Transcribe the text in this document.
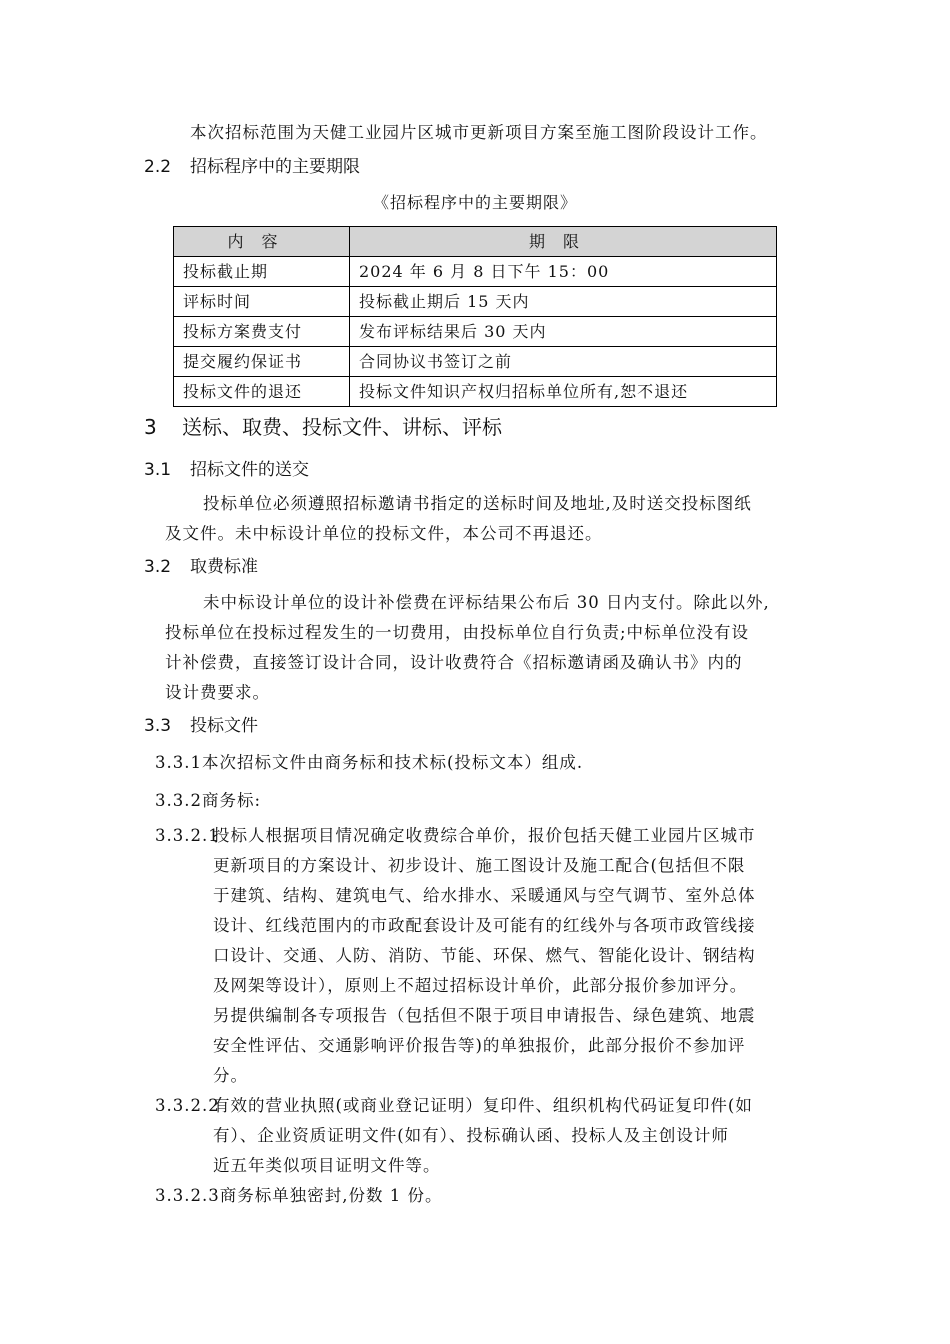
本次招标范围为天健工业园片区城市更新项目方案至施工图阶段设计工作。
2.2 招标程序中的主要期限
《招标程序中的主要期限》
内容	期限
投标截止期	2024 年 6 月 8 日下午 15：00
评标时间	投标截止期后 15 天内
投标方案费支付	发布评标结果后 30 天内
提交履约保证书	合同协议书签订之前
投标文件的退还	投标文件知识产权归招标单位所有,恕不退还
3 送标、取费、投标文件、讲标、评标
3.1 招标文件的送交
投标单位必须遵照招标邀请书指定的送标时间及地址,及时送交投标图纸
及文件。未中标设计单位的投标文件，本公司不再退还。
3.2 取费标准
未中标设计单位的设计补偿费在评标结果公布后 30 日内支付。除此以外,
投标单位在投标过程发生的一切费用，由投标单位自行负责;中标单位没有设
计补偿费，直接签订设计合同，设计收费符合《招标邀请函及确认书》内的
设计费要求。
3.3 投标文件
3.3.1本次招标文件由商务标和技术标(投标文本）组成.
3.3.2商务标:
3.3.2.1
投标人根据项目情况确定收费综合单价，报价包括天健工业园片区城市
更新项目的方案设计、初步设计、施工图设计及施工配合(包括但不限
于建筑、结构、建筑电气、给水排水、采暖通风与空气调节、室外总体
设计、红线范围内的市政配套设计及可能有的红线外与各项市政管线接
口设计、交通、人防、消防、节能、环保、燃气、智能化设计、钢结构
及网架等设计），原则上不超过招标设计单价，此部分报价参加评分。
另提供编制各专项报告（包括但不限于项目申请报告、绿色建筑、地震
安全性评估、交通影响评价报告等)的单独报价，此部分报价不参加评
分。
3.3.2.2
有效的营业执照(或商业登记证明）复印件、组织机构代码证复印件(如
有）、企业资质证明文件(如有）、投标确认函、投标人及主创设计师
近五年类似项目证明文件等。
3.3.2.3商务标单独密封,份数 1 份。
